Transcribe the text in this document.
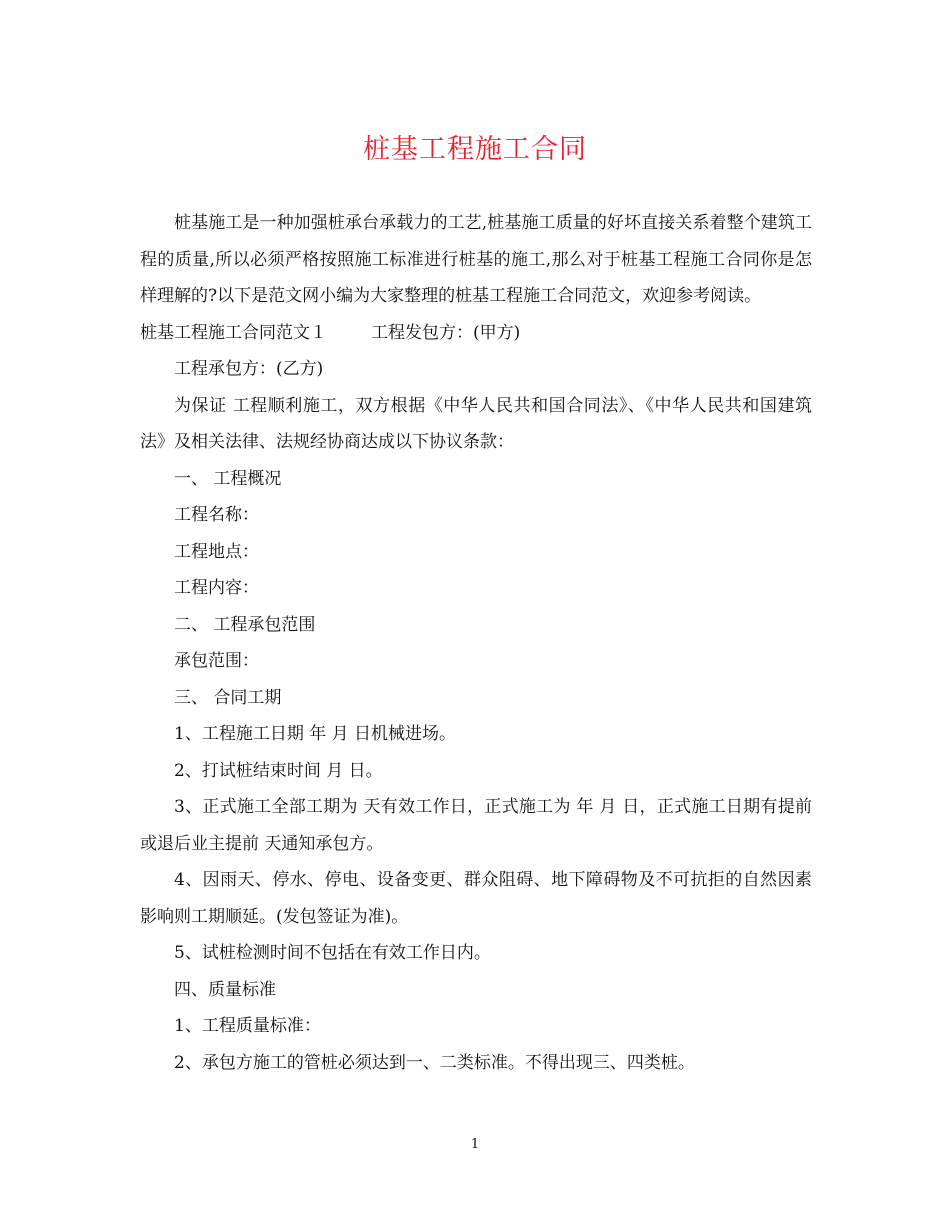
桩基工程施工合同

桩基施工是一种加强桩承台承载力的工艺,桩基施工质量的好坏直接关系着整个建筑工程的质量,所以必须严格按照施工标准进行桩基的施工,那么对于桩基工程施工合同你是怎样理解的?以下是范文网小编为大家整理的桩基工程施工合同范文，欢迎参考阅读。

桩基工程施工合同范文１	工程发包方：(甲方)

工程承包方：(乙方)

为保证 工程顺利施工，双方根据《中华人民共和国合同法》、《中华人民共和国建筑法》及相关法律、法规经协商达成以下协议条款：

一、 工程概况

工程名称：

工程地点：

工程内容：

二、 工程承包范围

承包范围：

三、 合同工期

1、工程施工日期 年 月 日机械进场。

2、打试桩结束时间 月 日。

3、正式施工全部工期为 天有效工作日，正式施工为 年 月 日，正式施工日期有提前或退后业主提前 天通知承包方。

4、因雨天、停水、停电、设备变更、群众阻碍、地下障碍物及不可抗拒的自然因素影响则工期顺延。(发包签证为准)。

5、试桩检测时间不包括在有效工作日内。

四、质量标准

1、工程质量标准：

2、承包方施工的管桩必须达到一、二类标准。不得出现三、四类桩。

1
